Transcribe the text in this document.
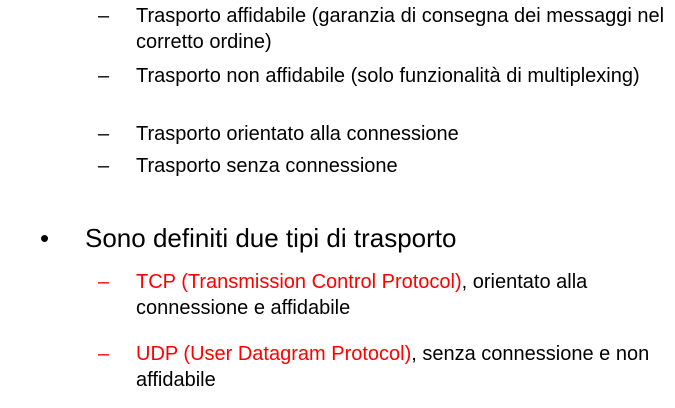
–	Trasporto affidabile (garanzia di consegna dei messaggi nel corretto ordine)
–	Trasporto non affidabile (solo funzionalità di multiplexing)
–	Trasporto orientato alla connessione
–	Trasporto senza connessione
• Sono definiti due tipi di trasporto
–	TCP (Transmission Control Protocol), orientato alla connessione e affidabile
–	UDP (User Datagram Protocol), senza connessione e non affidabile
